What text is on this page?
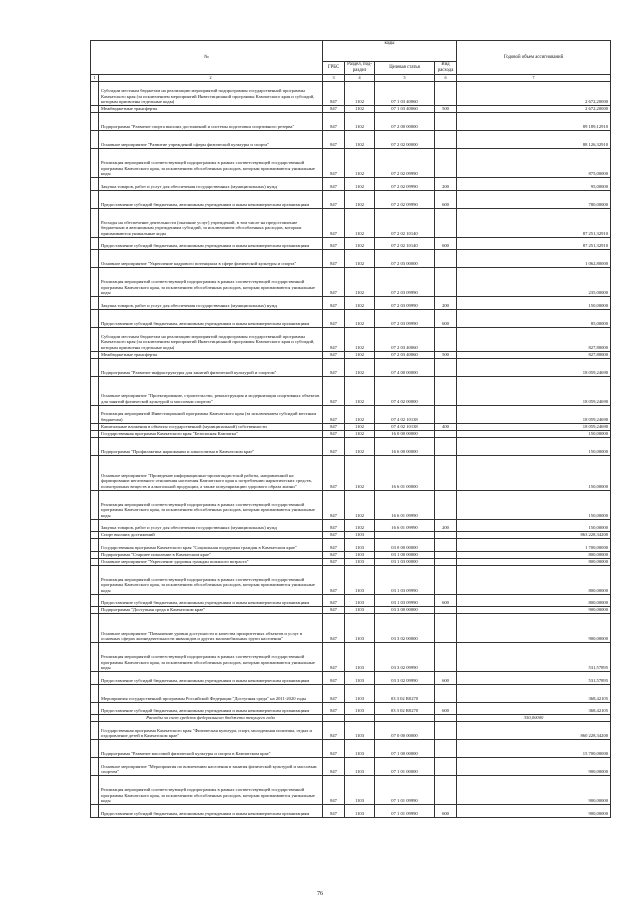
№		коды				Годовой объем ассигнований
		ГРБС	Раздел, под-раздел	Целевая статья	Вид расхода	
1	2	3	4	5	6	7
	Субсидии местным бюджетам на реализацию мероприятий подпрограммы государственной программы Камчатского края (за исключением мероприятий Инвестиционной программы Камчатского края и субсидий, которым присвоены отдельные коды)	847	1102	07 1 03 40060		2 672,20000
	Межбюджетные трансферты	847	1102	07 1 03 40060	500	2 672,20000
	Подпрограмма "Развитие спорта высших достижений и системы подготовки спортивного резерва"	847	1102	07 2 00 00000		89 189,12910
	Основное мероприятие "Развитие учреждений сферы физической культуры и спорта"	847	1102	07 2 02 00000		88 126,32910
	Реализация мероприятий соответствующей подпрограммы в рамках соответствующей государственной программы Камчатского края, за исключением обособленных расходов, которым присваиваются уникальные коды	847	1102	07 2 02 09990		875,00000
	Закупка товаров, работ и услуг для обеспечения государственных (муниципальных) нужд	847	1102	07 2 02 09990	200	95,00000
	Предоставление субсидий бюджетным, автономным учреждениям и иным некоммерческим организациям	847	1102	07 2 02 09990	600	780,00000
	Расходы на обеспечение деятельности (оказание услуг) учреждений, в том числе на предоставление бюджетным и автономным учреждениям субсидий, за исключением обособленных расходов, которым присваиваются уникальные коды	847	1102	07 2 02 10140		87 251,32910
	Предоставление субсидий бюджетным, автономным учреждениям и иным некоммерческим организациям	847	1102	07 2 02 10140	600	87 251,32910
	Основное мероприятие "Укрепление кадрового потенциала в сфере физической культуры и спорта"	847	1102	07 2 03 00000		1 062,80000
	Реализация мероприятий соответствующей подпрограммы в рамках соответствующей государственной программы Камчатского края, за исключением обособленных расходов, которым присваиваются уникальные коды	847	1102	07 2 03 09990		235,00000
	Закупка товаров, работ и услуг для обеспечения государственных (муниципальных) нужд	847	1102	07 2 03 09990	200	150,00000
	Предоставление субсидий бюджетным, автономным учреждениям и иным некоммерческим организациям	847	1102	07 2 03 09990	600	85,00000
	Субсидии местным бюджетам на реализацию мероприятий подпрограммы государственной программы Камчатского края (за исключением мероприятий Инвестиционной программы Камчатского края и субсидий, которым присвоены отдельные коды)	847	1102	07 2 03 40060		827,80000
	Межбюджетные трансферты	847	1102	07 2 03 40060	500	827,80000
	Подпрограмма "Развитие инфраструктуры для занятий физической культурой и спортом"	847	1102	07 4 00 00000		18 059,24690
	Основное мероприятие "Проектирование, строительство, реконструкция и модернизация спортивных объектов для занятий физической культурой и массовым спортом"	847	1102	07 4 02 00000		18 059,24690
	Реализация мероприятий Инвестиционной программы Камчатского края (за исключением субсидий местным бюджетам)	847	1102	07 4 02 10138		18 059,24690
	Капитальные вложения в объекты государственной (муниципальной) собственности	847	1102	07 4 02 10138	400	18 059,24690
	Государственная программа Камчатского края "Безопасная Камчатка"	847	1102	16 0 00 00000		150,00000
	Подпрограмма "Профилактика наркомании и алкоголизма в Камчатском крае"	847	1102	16 6 00 00000		150,00000
	Основное мероприятие "Проведение информационно-пропагандистской работы, направленной на формирование негативного отношения населения Камчатского края к потреблению наркотических средств, психотропных веществ и алкогольной продукции, а также популяризацию здорового образа жизни"	847	1102	16 6 01 00000		150,00000
	Реализация мероприятий соответствующей подпрограммы в рамках соответствующей государственной программы Камчатского края, за исключением обособленных расходов, которым присваиваются уникальные коды	847	1102	16 6 01 09990		150,00000
	Закупка товаров, работ и услуг для обеспечения государственных (муниципальных) нужд	847	1102	16 6 01 09990	200	150,00000
	Спорт высших достижений	847	1103			863 228,34200
	Государственная программа Камчатского края "Социальная поддержка граждан в Камчатском крае"	847	1103	03 0 00 00000		1 700,00000
	Подпрограмма "Старшее поколение в Камчатском крае"	847	1103	03 1 00 00000		800,00000
	Основное мероприятие "Укрепление здоровья граждан пожилого возраста"	847	1103	03 1 03 00000		800,00000
	Реализация мероприятий соответствующей подпрограммы в рамках соответствующей государственной программы Камчатского края, за исключением обособленных расходов, которым присваиваются уникальные коды	847	1103	03 1 03 09990		800,00000
	Предоставление субсидий бюджетным, автономным учреждениям и иным некоммерческим организациям	847	1103	03 1 03 09990	600	800,00000
	Подпрограмма "Доступная среда в Камчатском крае"	847	1103	03 3 00 00000		900,00000
	Основное мероприятие "Повышение уровня доступности и качества приоритетных объектов и услуг в основных сферах жизнедеятельности инвалидов и других маломобильных групп населения"	847	1103	03 3 02 00000		900,00000
	Реализация мероприятий соответствующей подпрограммы в рамках соответствующей государственной программы Камчатского края, за исключением обособленных расходов, которым присваиваются уникальные коды	847	1103	03 3 02 09990		531,57895
	Предоставление субсидий бюджетным, автономным учреждениям и иным некоммерческим организациям	847	1103	03 3 02 09990	600	531,57895
	Мероприятия государственной программы Российской Федерации "Доступная среда" на 2011-2020 годы	847	1103	03 3 02 R0270		368,42105
	Предоставление субсидий бюджетным, автономным учреждениям и иным некоммерческим организациям	847	1103	03 3 02 R0270	600	368,42105
	Расходы за счет средств федерального бюджета текущего года					350,00000
	Государственная программа Камчатского края "Физическая культура, спорт, молодежная политика, отдых и оздоровление детей в Камчатском крае"	847	1103	07 0 00 00000		860 228,34200
	Подпрограмма "Развитие массовой физической культуры и спорта в Камчатском крае"	847	1103	07 1 00 00000		15 700,00000
	Основное мероприятие "Мероприятия по вовлечению населения в занятия физической культурой и массовым спортом"	847	1103	07 1 01 00000		900,00000
	Реализация мероприятий соответствующей подпрограммы в рамках соответствующей государственной программы Камчатского края, за исключением обособленных расходов, которым присваиваются уникальные коды	847	1103	07 1 01 09990		900,00000
	Предоставление субсидий бюджетным, автономным учреждениям и иным некоммерческим организациям	847	1103	07 1 01 09990	600	900,00000
76
